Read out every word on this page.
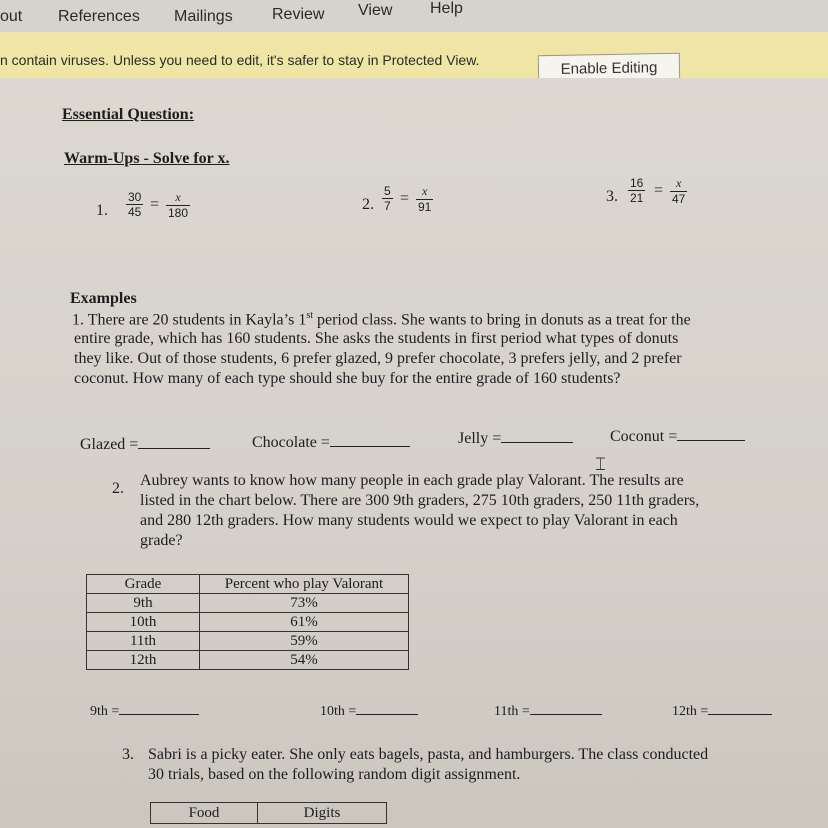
out References Mailings Review View Help
n contain viruses. Unless you need to edit, it's safer to stay in Protected View.	Enable Editing
Essential Question:
Warm-Ups - Solve for x.
1. $\frac{30}{45} = \frac{x}{180}$	2. $\frac{5}{7} = \frac{x}{91}$	3. $\frac{16}{21} = \frac{x}{47}$
Examples
1. There are 20 students in Kayla’s 1st period class. She wants to bring in donuts as a treat for the
entire grade, which has 160 students. She asks the students in first period what types of donuts
they like. Out of those students, 6 prefer glazed, 9 prefer chocolate, 3 prefers jelly, and 2 prefer
coconut. How many of each type should she buy for the entire grade of 160 students?
Glazed =	Chocolate =	Jelly =	Coconut =
⌶
2. Aubrey wants to know how many people in each grade play Valorant. The results are
listed in the chart below. There are 300 9th graders, 275 10th graders, 250 11th graders,
and 280 12th graders. How many students would we expect to play Valorant in each
grade?
Grade	Percent who play Valorant
9th	73%
10th	61%
11th	59%
12th	54%
9th =	10th =	11th =	12th =
3. Sabri is a picky eater. She only eats bagels, pasta, and hamburgers. The class conducted
30 trials, based on the following random digit assignment.
Food	Digits
